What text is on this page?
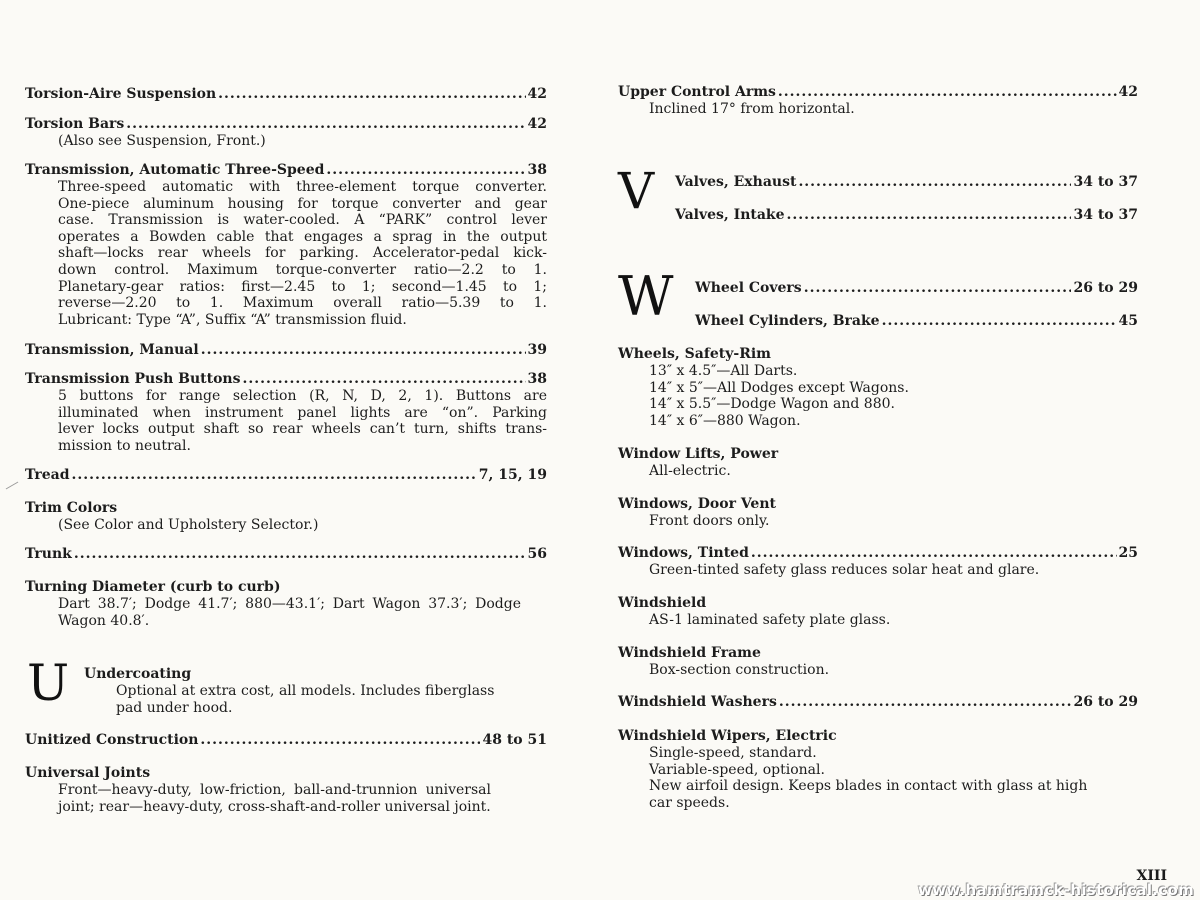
Torsion-Aire Suspension .....	42
Torsion Bars .....	42
(Also see Suspension, Front.)
Transmission, Automatic Three-Speed .....	38
Three-speed automatic with three-element torque converter.
One-piece aluminum housing for torque converter and gear
case. Transmission is water-cooled. A “PARK” control lever
operates a Bowden cable that engages a sprag in the output
shaft—locks rear wheels for parking. Accelerator-pedal kick-
down control. Maximum torque-converter ratio—2.2 to 1.
Planetary-gear ratios: first—2.45 to 1; second—1.45 to 1;
reverse—2.20 to 1. Maximum overall ratio—5.39 to 1.
Lubricant: Type “A”, Suffix “A” transmission fluid.
Transmission, Manual .....	39
Transmission Push Buttons .....	38
5 buttons for range selection (R, N, D, 2, 1). Buttons are
illuminated when instrument panel lights are “on”. Parking
lever locks output shaft so rear wheels can’t turn, shifts trans-
mission to neutral.
Tread .....	7, 15, 19
Trim Colors
(See Color and Upholstery Selector.)
Trunk .....	56
Turning Diameter (curb to curb)
Dart 38.7′; Dodge 41.7′; 880—43.1′; Dart Wagon 37.3′; Dodge
Wagon 40.8′.
U Undercoating
Optional at extra cost, all models. Includes fiberglass
pad under hood.
Unitized Construction .....	48 to 51
Universal Joints
Front—heavy-duty, low-friction, ball-and-trunnion universal
joint; rear—heavy-duty, cross-shaft-and-roller universal joint.
Upper Control Arms .....	42
Inclined 17° from horizontal.
V Valves, Exhaust .....	34 to 37
Valves, Intake .....	34 to 37
W Wheel Covers .....	26 to 29
Wheel Cylinders, Brake .....	45
Wheels, Safety-Rim
13″ x 4.5″—All Darts.
14″ x 5″—All Dodges except Wagons.
14″ x 5.5″—Dodge Wagon and 880.
14″ x 6″—880 Wagon.
Window Lifts, Power
All-electric.
Windows, Door Vent
Front doors only.
Windows, Tinted .....	25
Green-tinted safety glass reduces solar heat and glare.
Windshield
AS-1 laminated safety plate glass.
Windshield Frame
Box-section construction.
Windshield Washers .....	26 to 29
Windshield Wipers, Electric
Single-speed, standard.
Variable-speed, optional.
New airfoil design. Keeps blades in contact with glass at high
car speeds.
XIII
www.hamtramck-historical.com
